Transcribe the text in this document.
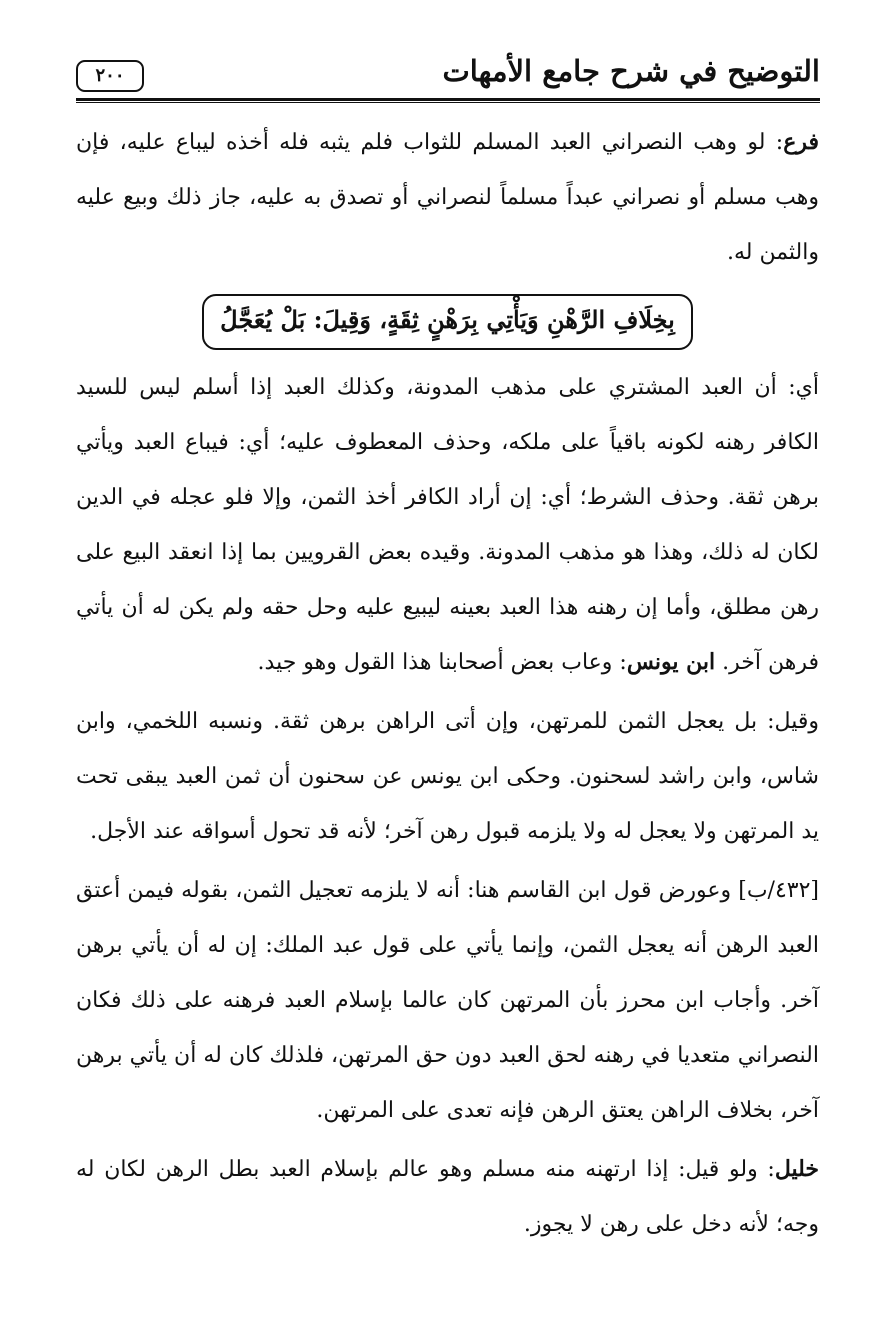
التوضيح في شرح جامع الأمهات
٢٠٠

فرع: لو وهب النصراني العبد المسلم للثواب فلم يثبه فله أخذه ليباع عليه، فإن وهب مسلم أو نصراني عبداً مسلماً لنصراني أو تصدق به عليه، جاز ذلك وبيع عليه والثمن له.

بِخِلَافِ الرَّهْنِ وَيَأْتِي بِرَهْنٍ ثِقَةٍ، وَقِيلَ: بَلْ يُعَجَّلُ

أي: أن العبد المشتري على مذهب المدونة، وكذلك العبد إذا أسلم ليس للسيد الكافر رهنه لكونه باقياً على ملكه، وحذف المعطوف عليه؛ أي: فيباع العبد ويأتي برهن ثقة. وحذف الشرط؛ أي: إن أراد الكافر أخذ الثمن، وإلا فلو عجله في الدين لكان له ذلك، وهذا هو مذهب المدونة. وقيده بعض القرويين بما إذا انعقد البيع على رهن مطلق، وأما إن رهنه هذا العبد بعينه ليبيع عليه وحل حقه ولم يكن له أن يأتي فرهن آخر. ابن يونس: وعاب بعض أصحابنا هذا القول وهو جيد.

وقيل: بل يعجل الثمن للمرتهن، وإن أتى الراهن برهن ثقة. ونسبه اللخمي، وابن شاس، وابن راشد لسحنون. وحكى ابن يونس عن سحنون أن ثمن العبد يبقى تحت يد المرتهن ولا يعجل له ولا يلزمه قبول رهن آخر؛ لأنه قد تحول أسواقه عند الأجل.

[٤٣٢/ب] وعورض قول ابن القاسم هنا: أنه لا يلزمه تعجيل الثمن، بقوله فيمن أعتق العبد الرهن أنه يعجل الثمن، وإنما يأتي على قول عبد الملك: إن له أن يأتي برهن آخر. وأجاب ابن محرز بأن المرتهن كان عالما بإسلام العبد فرهنه على ذلك فكان النصراني متعديا في رهنه لحق العبد دون حق المرتهن، فلذلك كان له أن يأتي برهن آخر، بخلاف الراهن يعتق الرهن فإنه تعدى على المرتهن.

خليل: ولو قيل: إذا ارتهنه منه مسلم وهو عالم بإسلام العبد بطل الرهن لكان له وجه؛ لأنه دخل على رهن لا يجوز.
